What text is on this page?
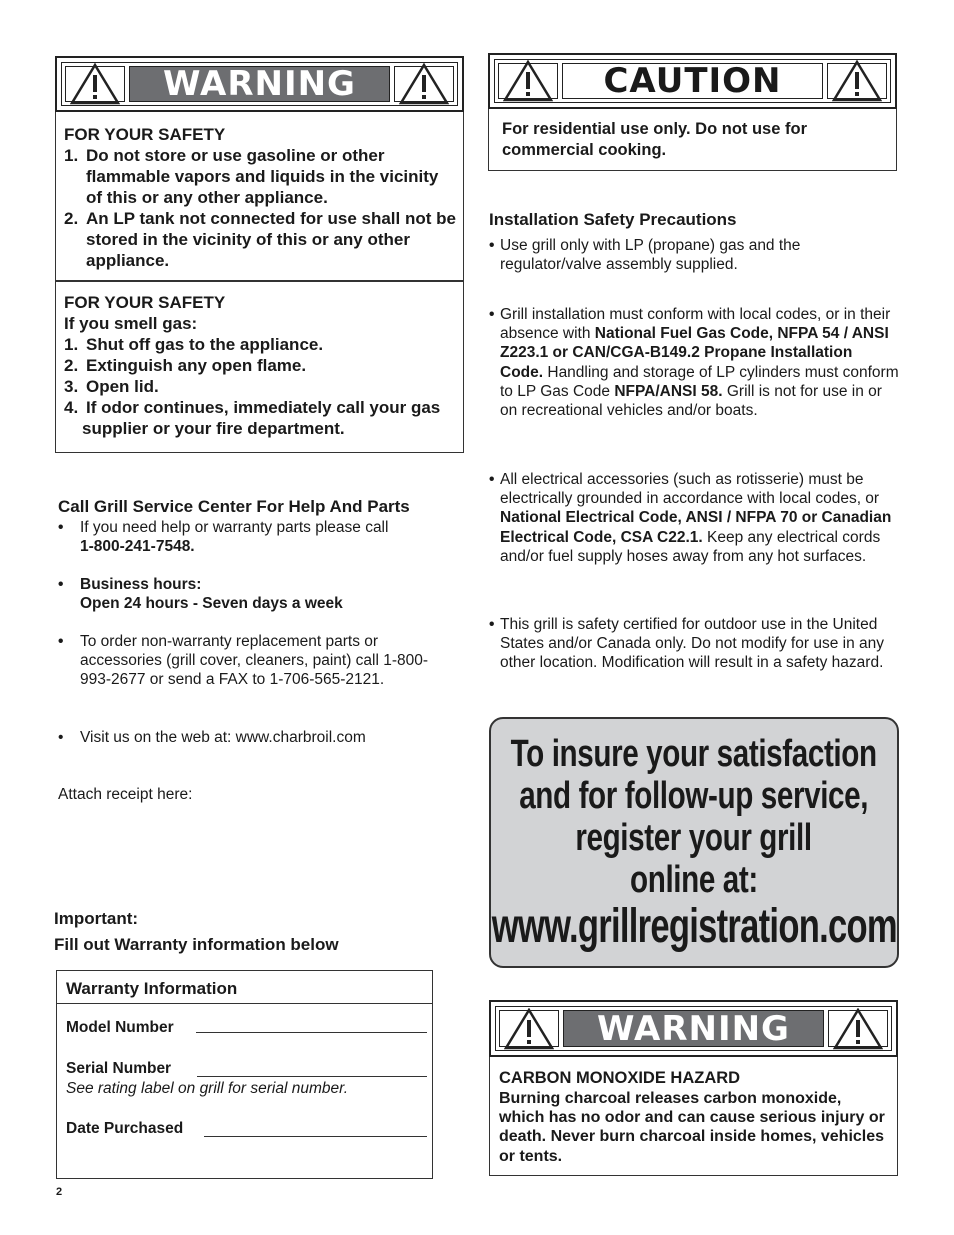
WARNING
FOR YOUR SAFETY
1. Do not store or use gasoline or other flammable vapors and liquids in the vicinity of this or any other appliance.
2. An LP tank not connected for use shall not be stored in the vicinity of this or any other appliance.
FOR YOUR SAFETY
If you smell gas:
1. Shut off gas to the appliance.
2. Extinguish any open flame.
3. Open lid.
4. If odor continues, immediately call your gas supplier or your fire department.
CAUTION
For residential use only. Do not use for commercial cooking.
Installation Safety Precautions
• Use grill only with LP (propane) gas and the regulator/valve assembly supplied.
• Grill installation must conform with local codes, or in their absence with National Fuel Gas Code, NFPA 54 / ANSI Z223.1 or CAN/CGA-B149.2 Propane Installation Code. Handling and storage of LP cylinders must conform to LP Gas Code NFPA/ANSI 58. Grill is not for use in or on recreational vehicles and/or boats.
• All electrical accessories (such as rotisserie) must be electrically grounded in accordance with local codes, or National Electrical Code, ANSI / NFPA 70 or Canadian Electrical Code, CSA C22.1. Keep any electrical cords and/or fuel supply hoses away from any hot surfaces.
• This grill is safety certified for outdoor use in the United States and/or Canada only. Do not modify for use in any other location. Modification will result in a safety hazard.
Call Grill Service Center For Help And Parts
•	If you need help or warranty parts please call
1-800-241-7548.
•	Business hours:
Open 24 hours - Seven days a week
•	To order non-warranty replacement parts or accessories (grill cover, cleaners, paint) call 1-800-993-2677 or send a FAX to 1-706-565-2121.
•	Visit us on the web at: www.charbroil.com
Attach receipt here:
To insure your satisfaction
and for follow-up service,
register your grill
online at:
www.grillregistration.com
Important:
Fill out Warranty information below
Warranty Information
Model Number
Serial Number
See rating label on grill for serial number.
Date Purchased
WARNING
CARBON MONOXIDE HAZARD
Burning charcoal releases carbon monoxide, which has no odor and can cause serious injury or death. Never burn charcoal inside homes, vehicles or tents.
2
